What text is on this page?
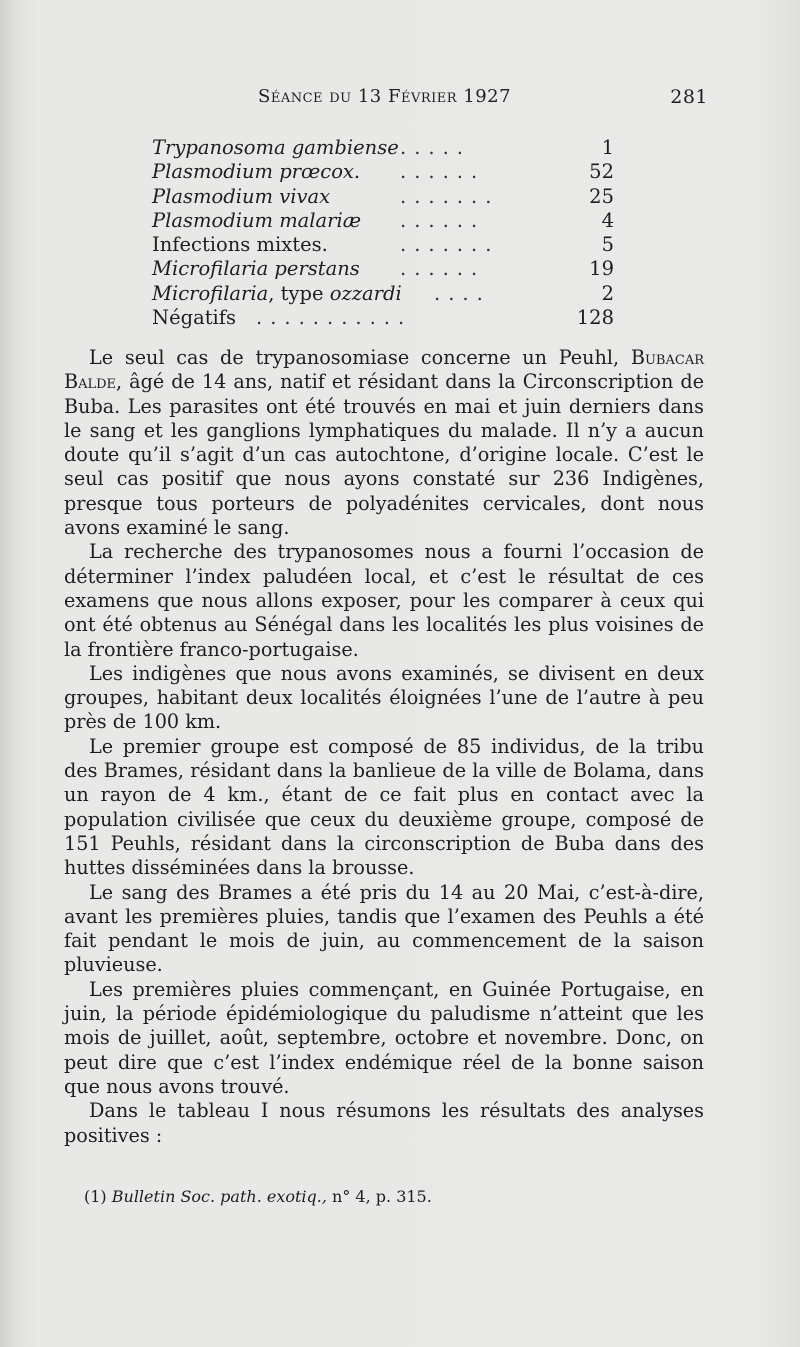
Séance du 13 Février 1927	281
Trypanosoma gambiense .....	1
Plasmodium prœcox. ......	52
Plasmodium vivax	.......	25
Plasmodium malariæ ......	4
Infections mixtes.	.......	5
Microfilaria perstans ......	19
Microfilaria, type ozzardi ....	2
Négatifs ...........	128

Le seul cas de trypanosomiase concerne un Peuhl, Bubacar Balde, âgé de 14 ans, natif et résidant dans la Circonscription de Buba. Les parasites ont été trouvés en mai et juin derniers dans le sang et les ganglions lymphatiques du malade. Il n’y a aucun doute qu’il s’agit d’un cas autochtone, d’origine locale. C’est le seul cas positif que nous ayons constaté sur 236 Indigènes, presque tous porteurs de polyadénites cervicales, dont nous avons examiné le sang.

La recherche des trypanosomes nous a fourni l’occasion de déterminer l’index paludéen local, et c’est le résultat de ces examens que nous allons exposer, pour les comparer à ceux qui ont été obtenus au Sénégal dans les localités les plus voisines de la frontière franco-portugaise.

Les indigènes que nous avons examinés, se divisent en deux groupes, habitant deux localités éloignées l’une de l’autre à peu près de 100 km.

Le premier groupe est composé de 85 individus, de la tribu des Brames, résidant dans la banlieue de la ville de Bolama, dans un rayon de 4 km., étant de ce fait plus en contact avec la population civilisée que ceux du deuxième groupe, composé de 151 Peuhls, résidant dans la circonscription de Buba dans des huttes disséminées dans la brousse.

Le sang des Brames a été pris du 14 au 20 Mai, c’est-à-dire, avant les premières pluies, tandis que l’examen des Peuhls a été fait pendant le mois de juin, au commencement de la saison pluvieuse.

Les premières pluies commençant, en Guinée Portugaise, en juin, la période épidémiologique du paludisme n’atteint que les mois de juillet, août, septembre, octobre et novembre. Donc, on peut dire que c’est l’index endémique réel de la bonne saison que nous avons trouvé.

Dans le tableau I nous résumons les résultats des analyses positives :

(1) Bulletin Soc. path. exotiq., n° 4, p. 315.
